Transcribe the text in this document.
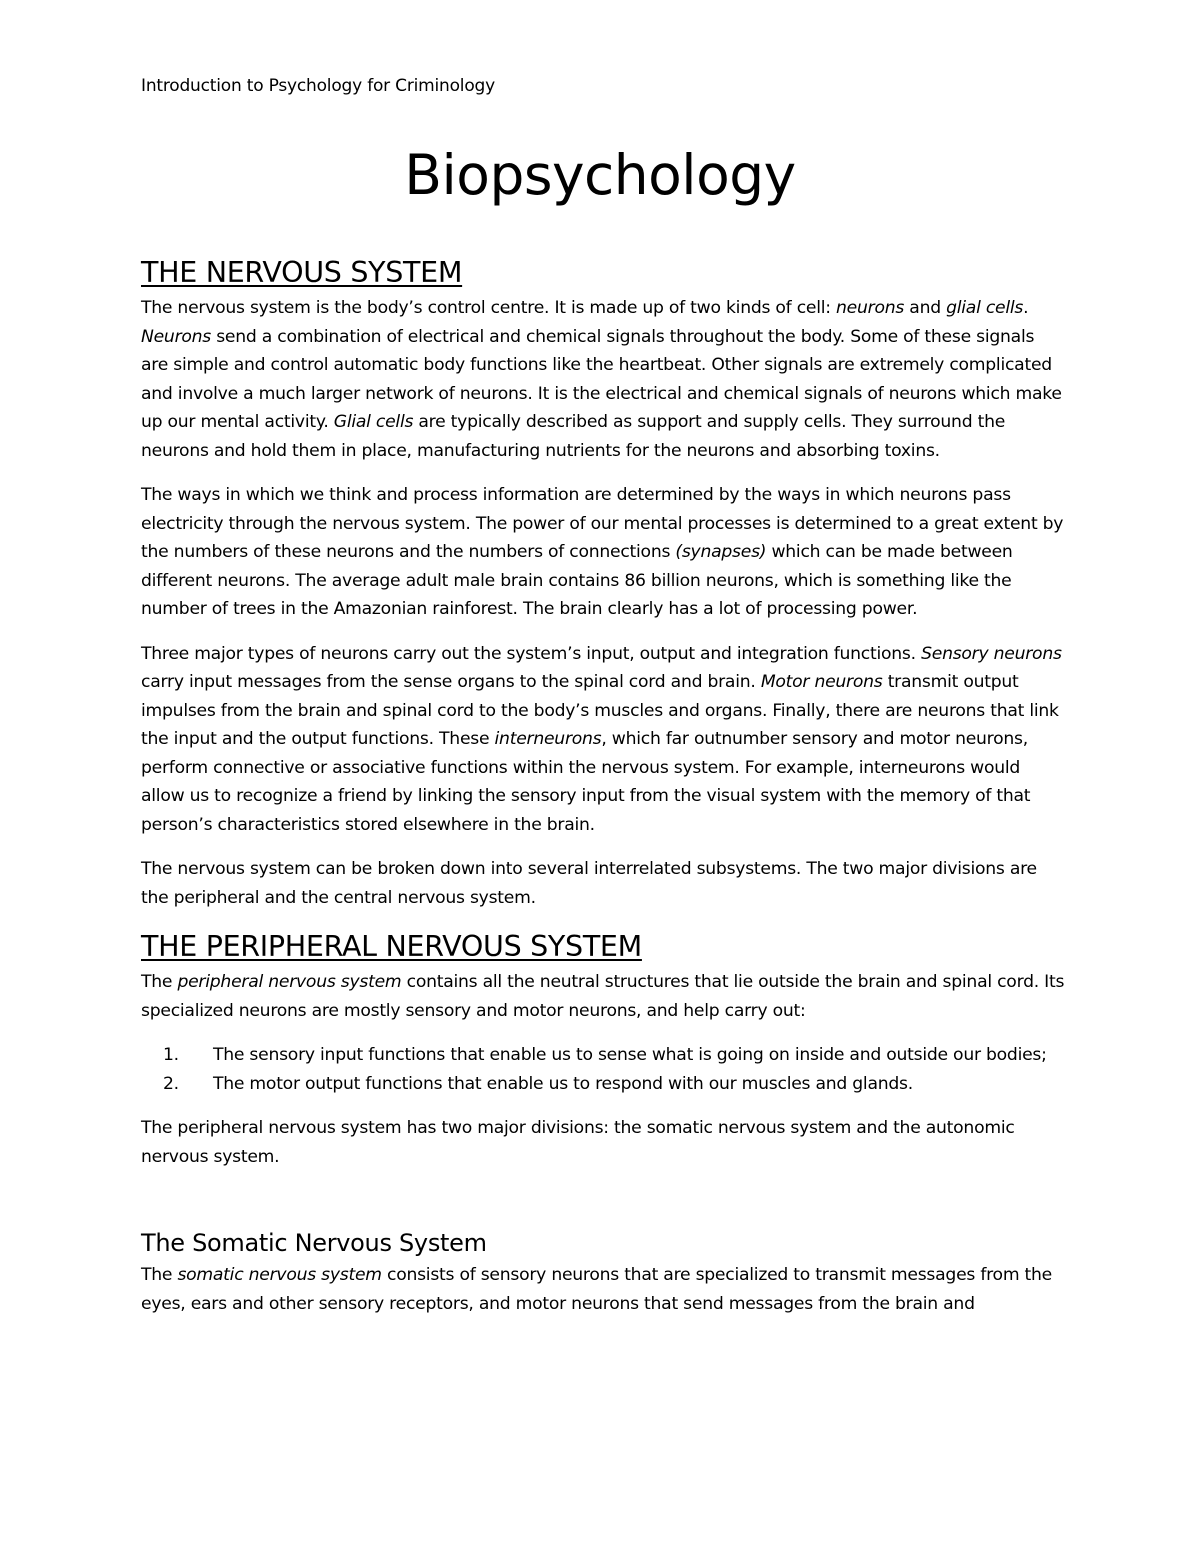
Introduction to Psychology for Criminology
Biopsychology
THE NERVOUS SYSTEM

The nervous system is the body’s control centre. It is made up of two kinds of cell: neurons and glial cells. Neurons send a combination of electrical and chemical signals throughout the body. Some of these signals are simple and control automatic body functions like the heartbeat. Other signals are extremely complicated and involve a much larger network of neurons. It is the electrical and chemical signals of neurons which make up our mental activity. Glial cells are typically described as support and supply cells. They surround the neurons and hold them in place, manufacturing nutrients for the neurons and absorbing toxins.

The ways in which we think and process information are determined by the ways in which neurons pass electricity through the nervous system. The power of our mental processes is determined to a great extent by the numbers of these neurons and the numbers of connections (synapses) which can be made between different neurons. The average adult male brain contains 86 billion neurons, which is something like the number of trees in the Amazonian rainforest. The brain clearly has a lot of processing power.

Three major types of neurons carry out the system’s input, output and integration functions. Sensory neurons carry input messages from the sense organs to the spinal cord and brain. Motor neurons transmit output impulses from the brain and spinal cord to the body’s muscles and organs. Finally, there are neurons that link the input and the output functions. These interneurons, which far outnumber sensory and motor neurons, perform connective or associative functions within the nervous system. For example, interneurons would allow us to recognize a friend by linking the sensory input from the visual system with the memory of that person’s characteristics stored elsewhere in the brain.

The nervous system can be broken down into several interrelated subsystems. The two major divisions are the peripheral and the central nervous system.

THE PERIPHERAL NERVOUS SYSTEM

The peripheral nervous system contains all the neutral structures that lie outside the brain and spinal cord. Its specialized neurons are mostly sensory and motor neurons, and help carry out:

1. The sensory input functions that enable us to sense what is going on inside and outside our bodies;
2. The motor output functions that enable us to respond with our muscles and glands.

The peripheral nervous system has two major divisions: the somatic nervous system and the autonomic nervous system.

The Somatic Nervous System

The somatic nervous system consists of sensory neurons that are specialized to transmit messages from the eyes, ears and other sensory receptors, and motor neurons that send messages from the brain and
